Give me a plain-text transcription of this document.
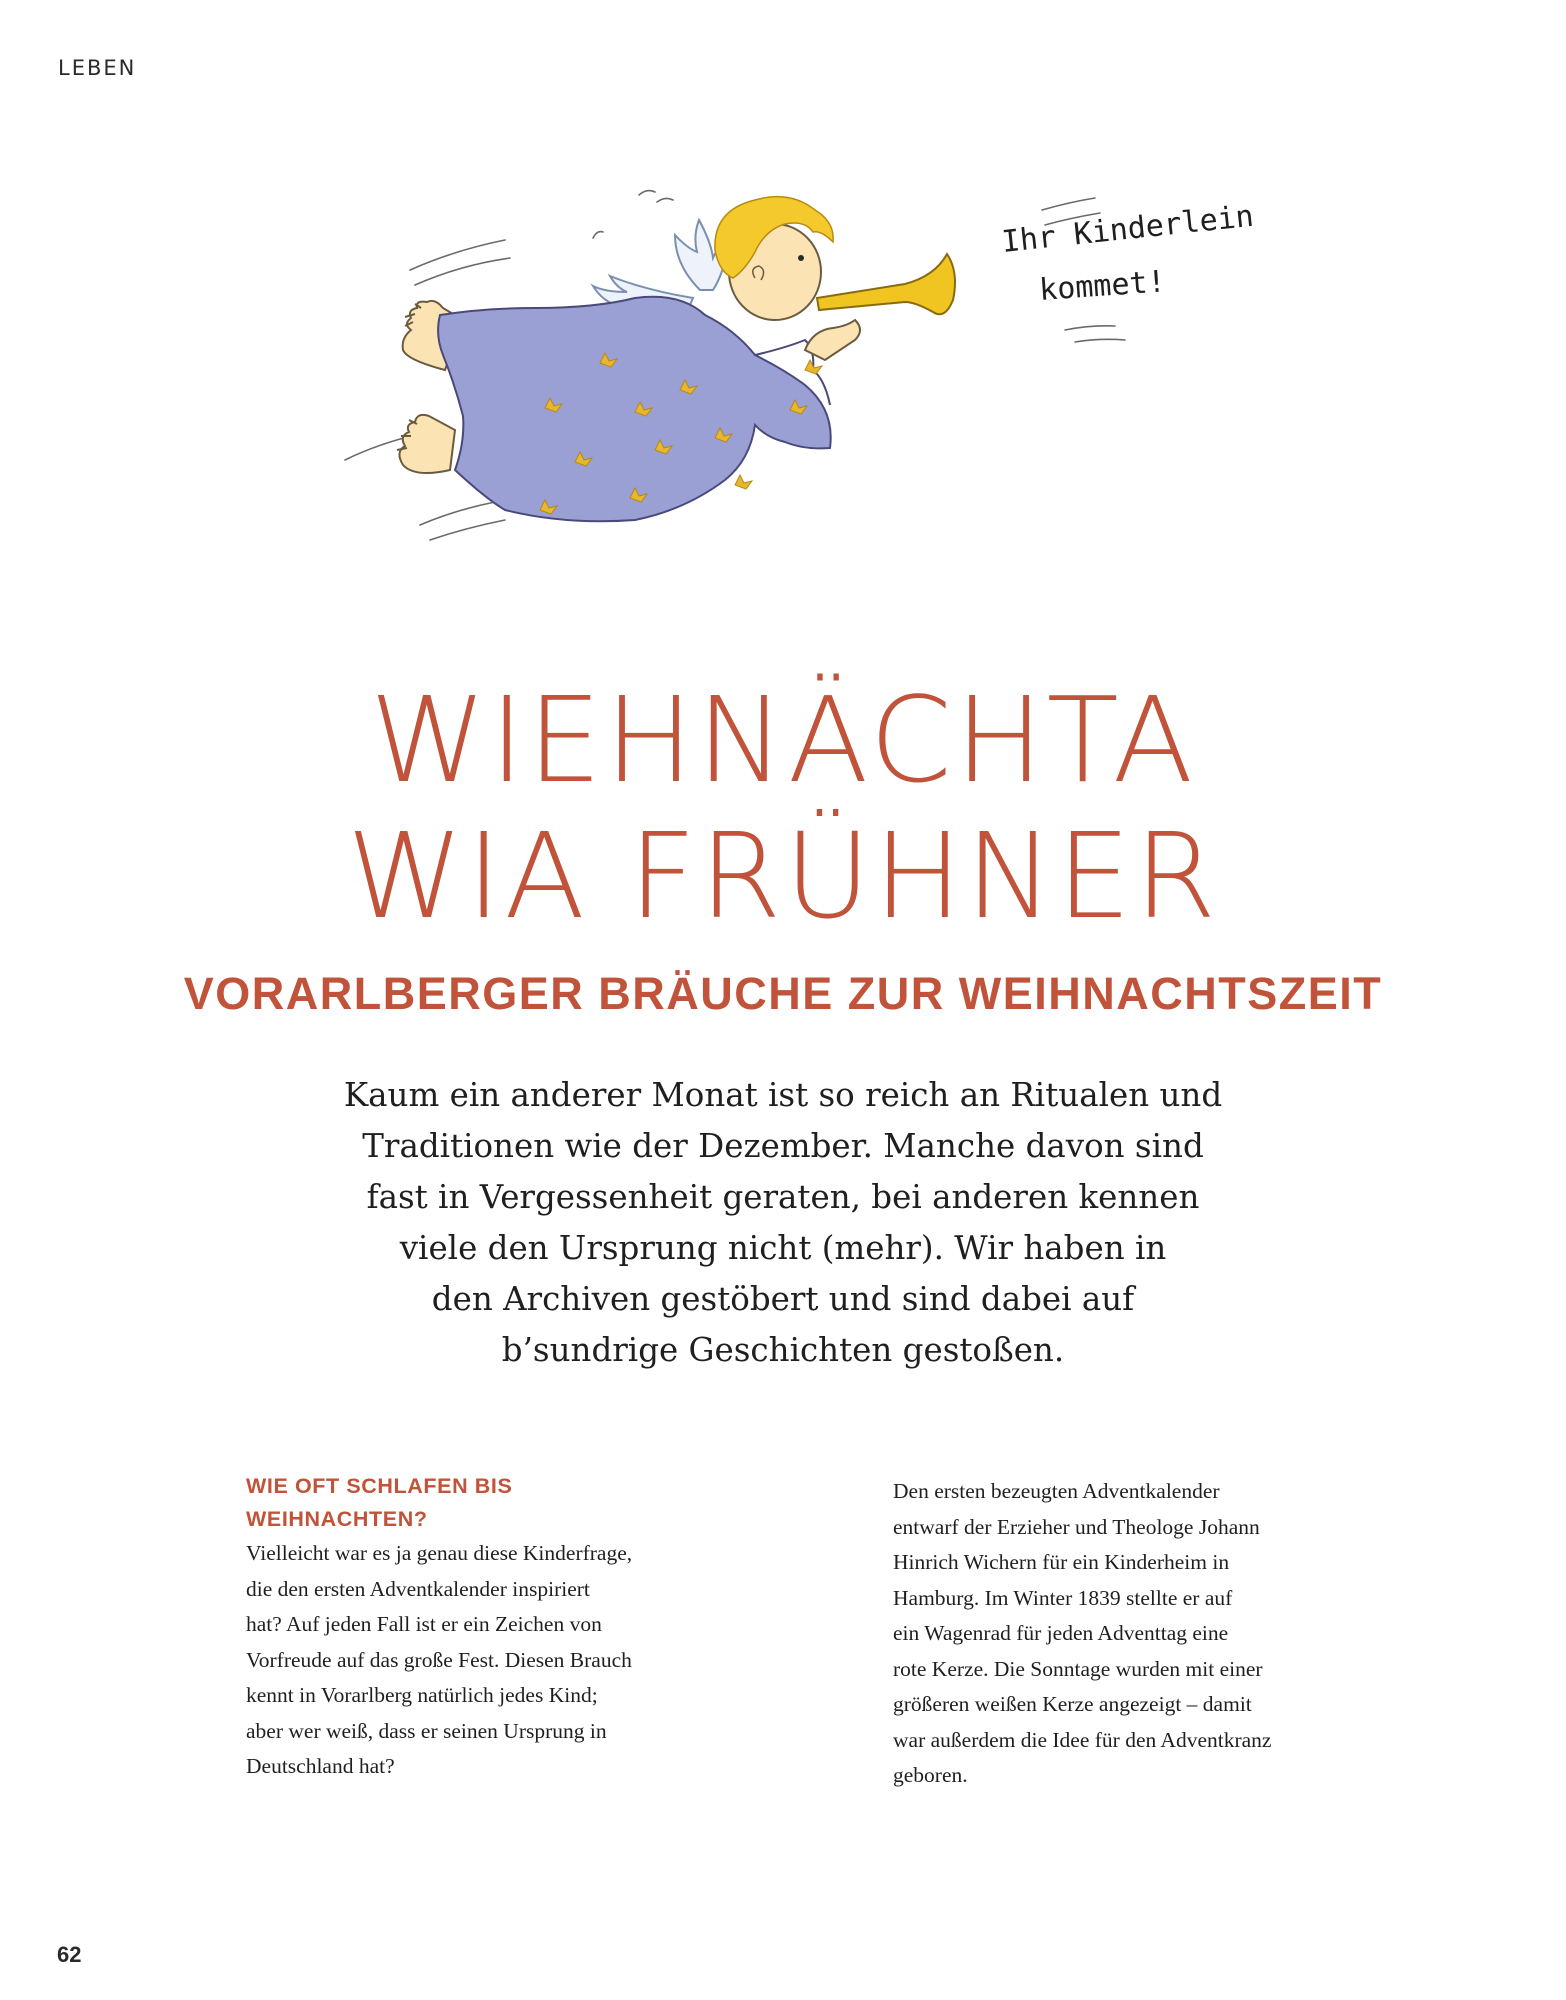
LEBEN
Ihr Kinderlein
kommet!
WIEHNÄCHTA
WIA FRÜHNER
VORARLBERGER BRÄUCHE ZUR WEIHNACHTSZEIT

Kaum ein anderer Monat ist so reich an Ritualen und
Traditionen wie der Dezember. Manche davon sind
fast in Vergessenheit geraten, bei anderen kennen
viele den Ursprung nicht (mehr). Wir haben in
den Archiven gestöbert und sind dabei auf
b’sundrige Geschichten gestoßen.

WIE OFT SCHLAFEN BIS
WEIHNACHTEN?

Vielleicht war es ja genau diese Kinderfrage,
die den ersten Adventkalender inspiriert
hat? Auf jeden Fall ist er ein Zeichen von
Vorfreude auf das große Fest. Diesen Brauch
kennt in Vorarlberg natürlich jedes Kind;
aber wer weiß, dass er seinen Ursprung in
Deutschland hat?

Den ersten bezeugten Adventkalender
entwarf der Erzieher und Theologe Johann
Hinrich Wichern für ein Kinderheim in
Hamburg. Im Winter 1839 stellte er auf
ein Wagenrad für jeden Adventtag eine
rote Kerze. Die Sonntage wurden mit einer
größeren weißen Kerze angezeigt – damit
war außerdem die Idee für den Adventkranz
geboren.

62
